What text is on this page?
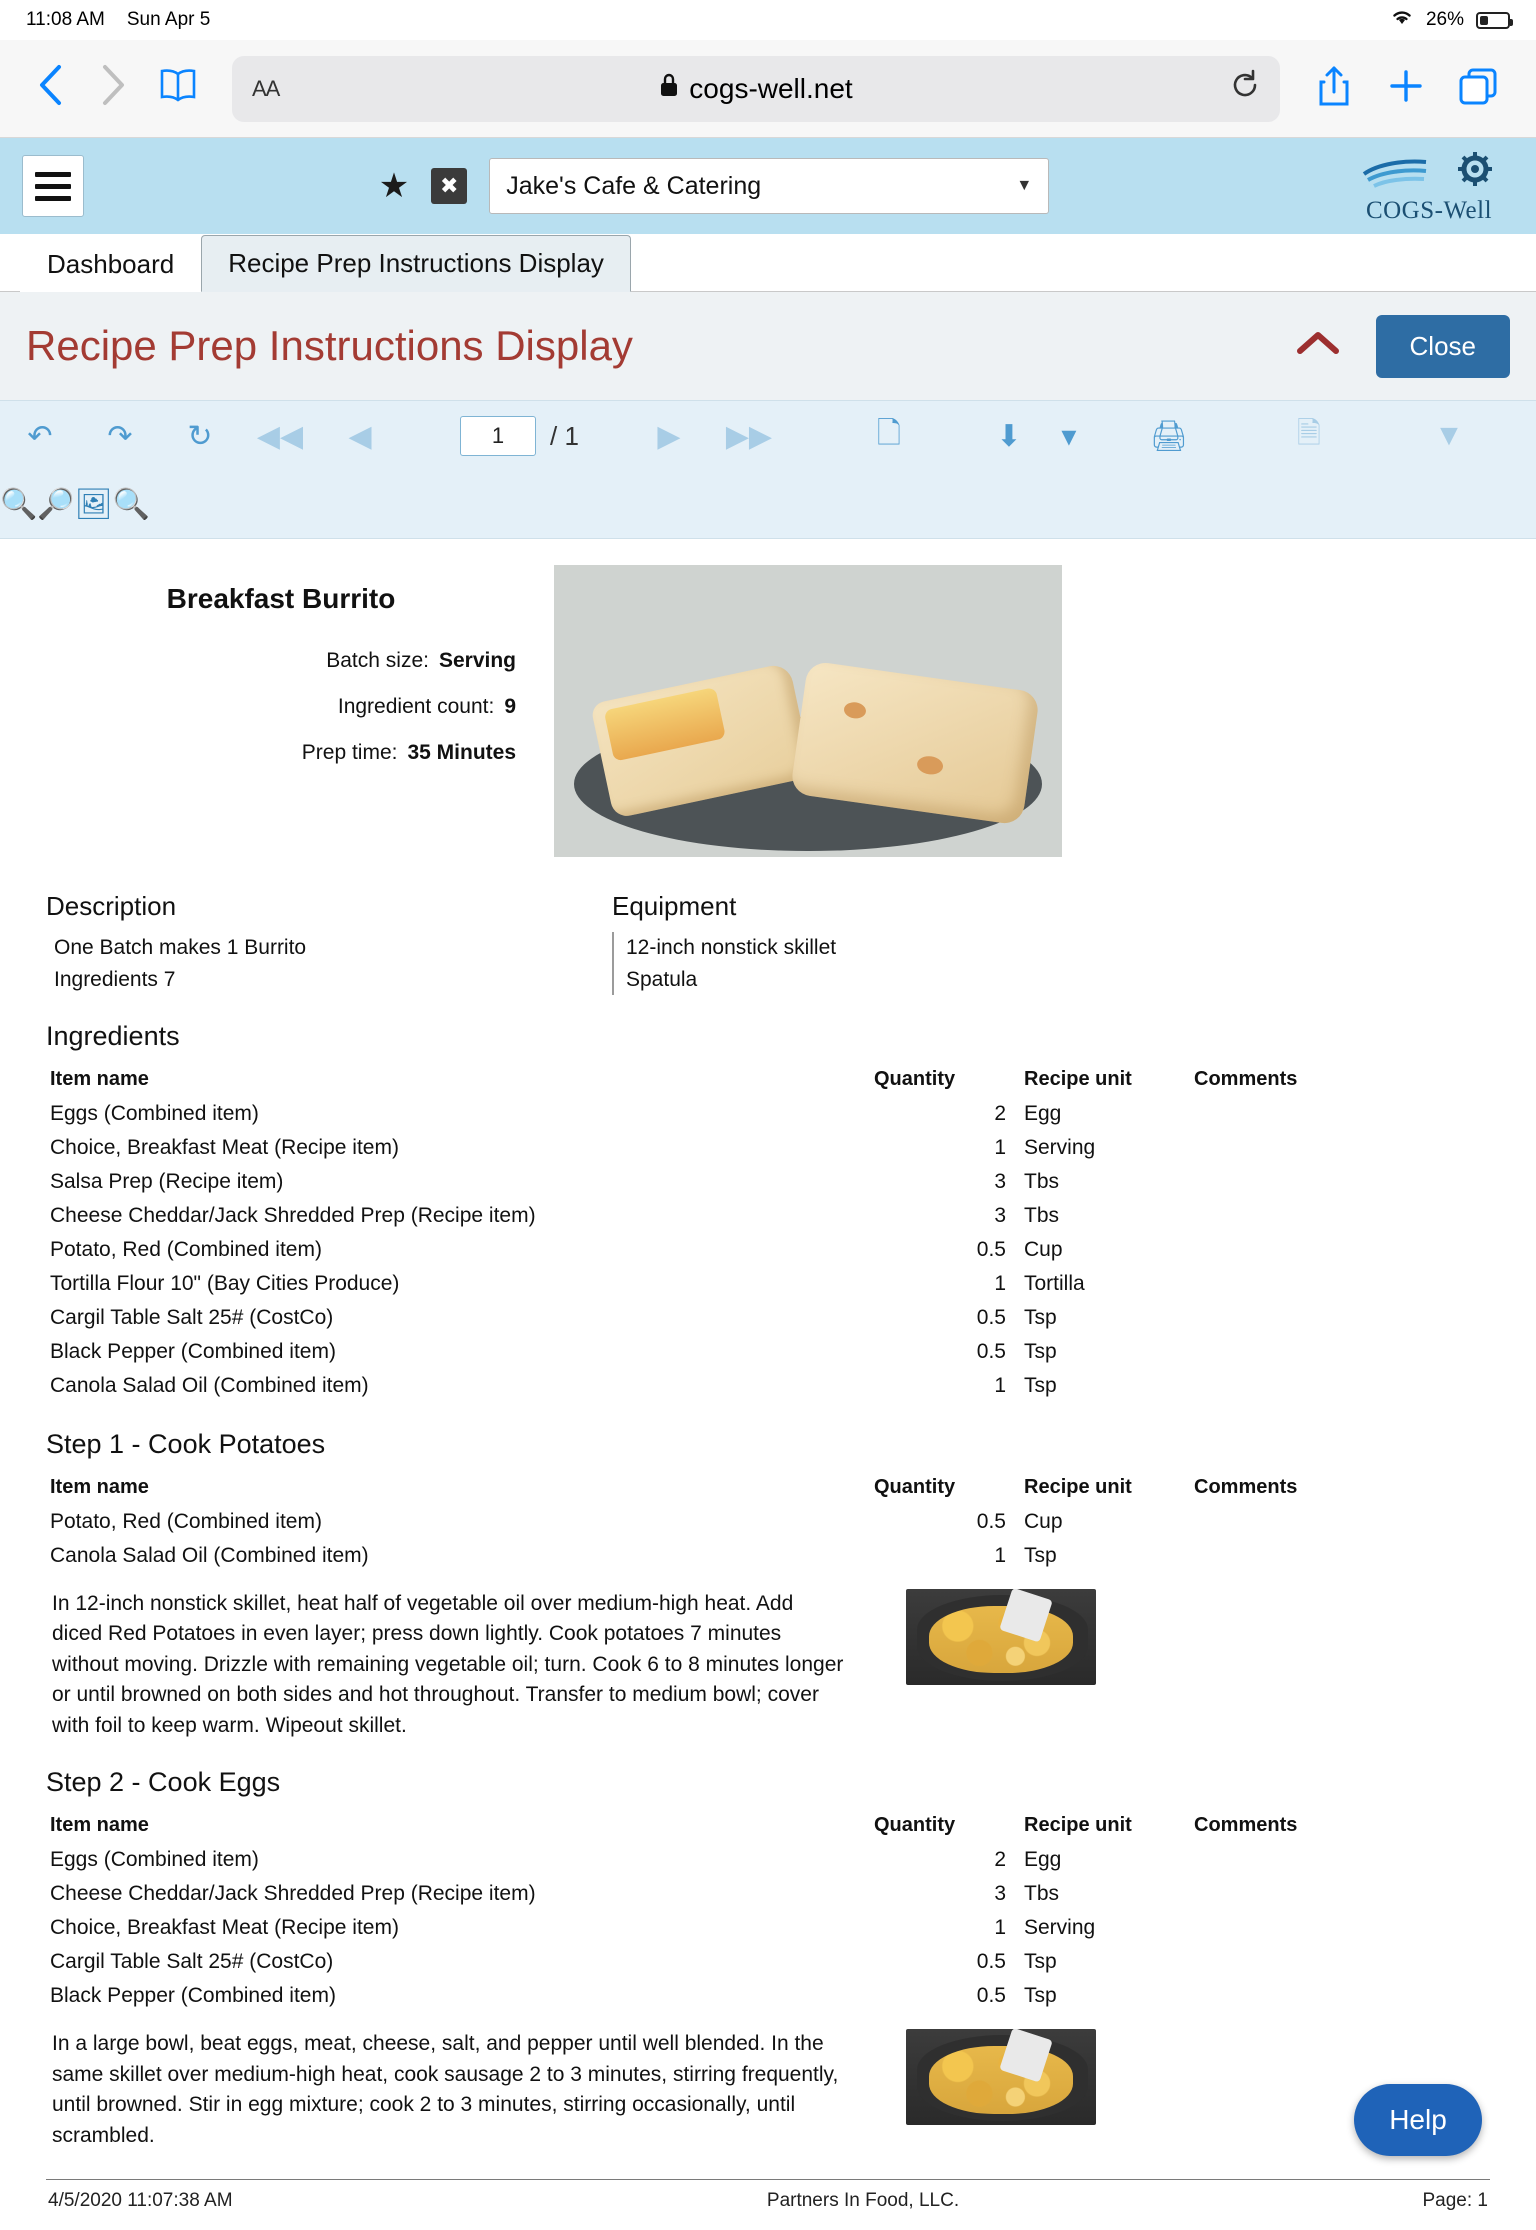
11:08 AM Sun Apr 5	26%
AA	cogs-well.net
★	✖	Jake's Cafe & Catering	▼
COGS-Well
Dashboard	Recipe Prep Instructions Display
Recipe Prep Instructions Display	Close
↶	↷	↻	◀◀	◀	1	/ 1	▶	▶▶	🗋	⬇	▾	🖨	🗎	▼
🔍 🔎 🖼 🔍
Breakfast Burrito
Batch size: Serving
Ingredient count: 9
Prep time: 35 Minutes
Description
One Batch makes 1 Burrito
Ingredients 7
Equipment
12-inch nonstick skillet
Spatula
Ingredients
Item name	Quantity	Recipe unit	Comments
Eggs (Combined item)	2	Egg	
Choice, Breakfast Meat (Recipe item)	1	Serving	
Salsa Prep (Recipe item)	3	Tbs	
Cheese Cheddar/Jack Shredded Prep (Recipe item)	3	Tbs	
Potato, Red (Combined item)	0.5	Cup	
Tortilla Flour 10" (Bay Cities Produce)	1	Tortilla	
Cargil Table Salt 25# (CostCo)	0.5	Tsp	
Black Pepper (Combined item)	0.5	Tsp	
Canola Salad Oil (Combined item)	1	Tsp	
Step 1 - Cook Potatoes
Item name	Quantity	Recipe unit	Comments
Potato, Red (Combined item)	0.5	Cup	
Canola Salad Oil (Combined item)	1	Tsp	
In 12-inch nonstick skillet, heat half of vegetable oil over medium-high heat. Add diced Red Potatoes in even layer; press down lightly. Cook potatoes 7 minutes without moving. Drizzle with remaining vegetable oil; turn. Cook 6 to 8 minutes longer or until browned on both sides and hot throughout. Transfer to medium bowl; cover with foil to keep warm. Wipeout skillet.
Step 2 - Cook Eggs
Item name	Quantity	Recipe unit	Comments
Eggs (Combined item)	2	Egg	
Cheese Cheddar/Jack Shredded Prep (Recipe item)	3	Tbs	
Choice, Breakfast Meat (Recipe item)	1	Serving	
Cargil Table Salt 25# (CostCo)	0.5	Tsp	
Black Pepper (Combined item)	0.5	Tsp	
In a large bowl, beat eggs, meat, cheese, salt, and pepper until well blended. In the same skillet over medium-high heat, cook sausage 2 to 3 minutes, stirring frequently, until browned. Stir in egg mixture; cook 2 to 3 minutes, stirring occasionally, until scrambled.
4/5/2020 11:07:38 AM	Partners In Food, LLC.	Page: 1
Help
